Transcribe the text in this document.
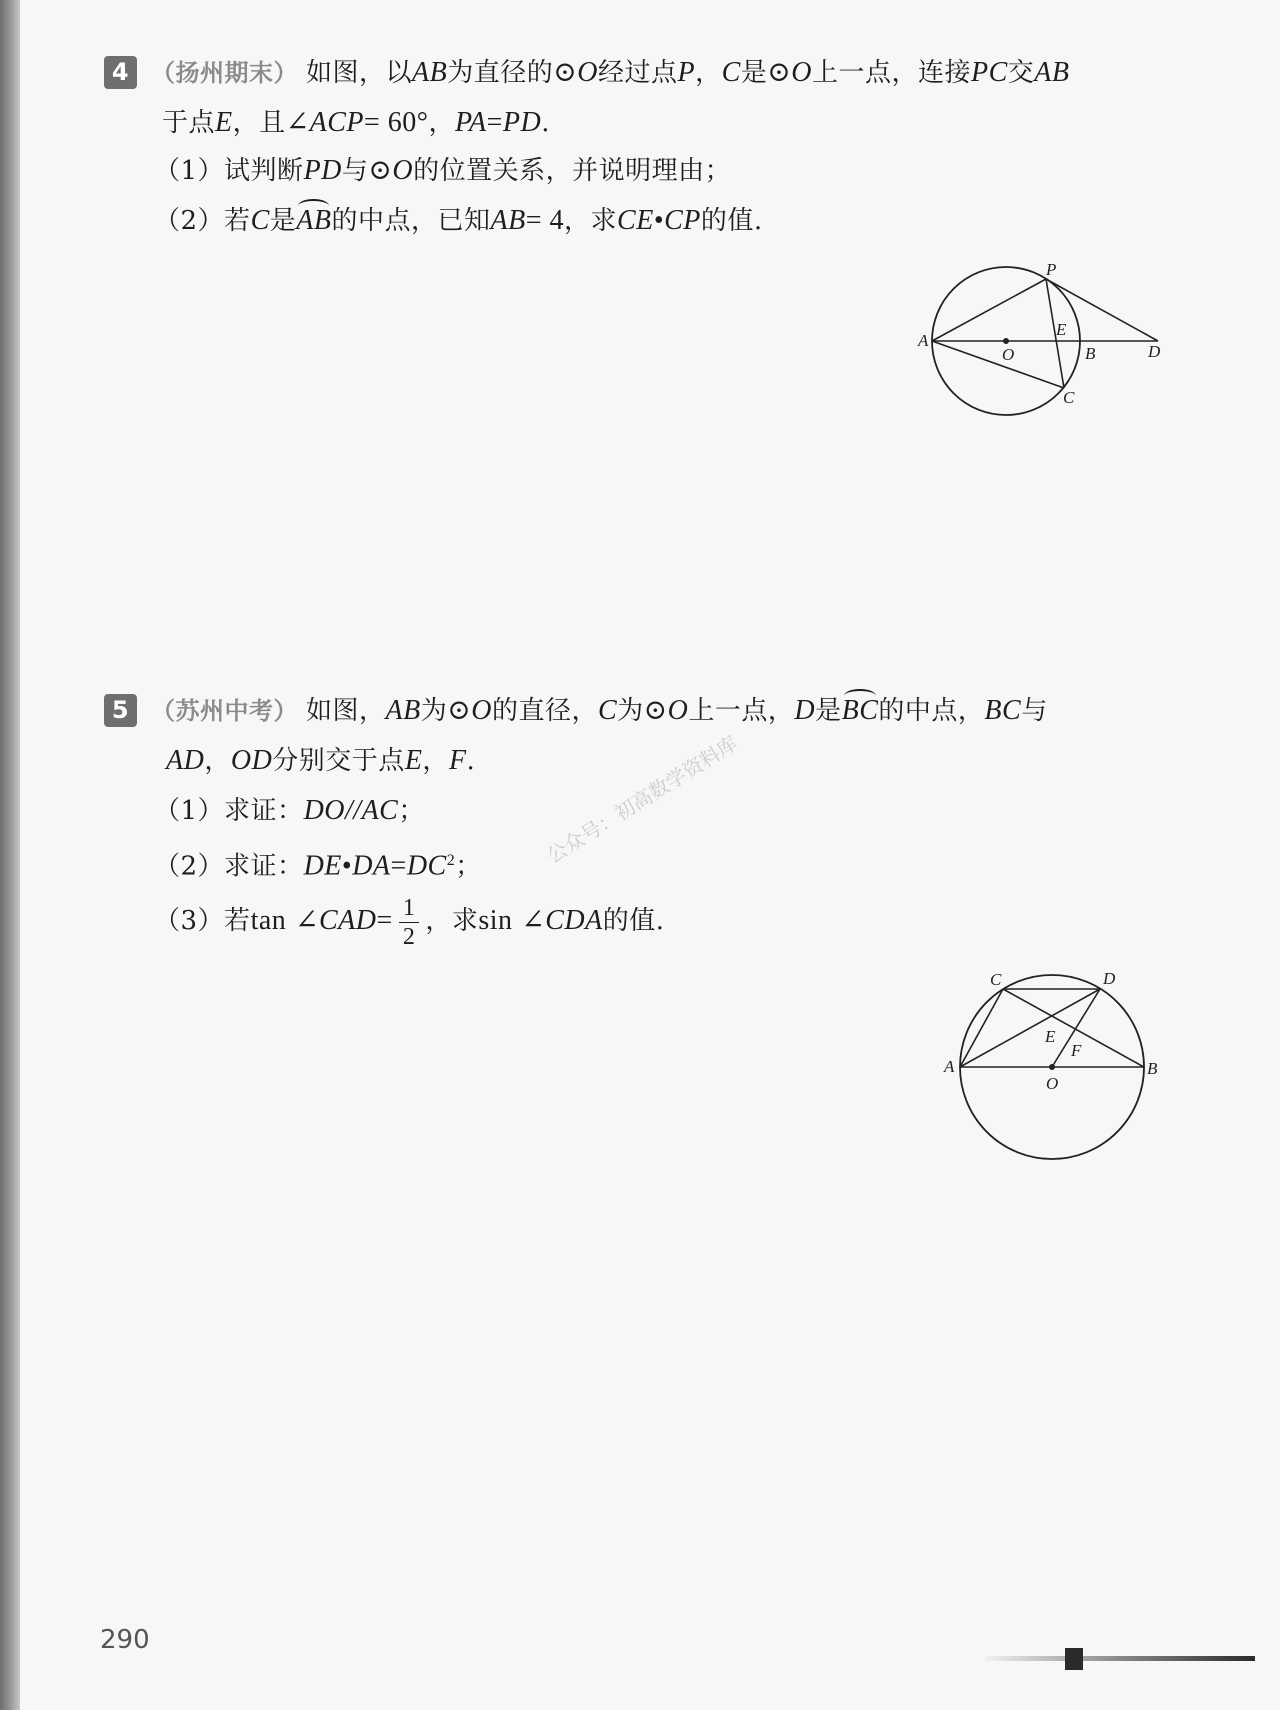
4 （扬州期末） 如图，以AB为直径的⊙O经过点P，C是⊙O上一点，连接PC交AB
于点E，且∠ACP= 60°，PA=PD.
（1）试判断PD与⊙O的位置关系，并说明理由；
（2）若C是AB的中点，已知AB= 4，求CE•CP的值.
P
A
O
E
B	D
C
5 （苏州中考） 如图，AB为⊙O的直径，C为⊙O上一点，D是BC的中点，BC与
AD，OD分别交于点E，F.
（1）求证：DO//AC；
（2）求证：$DE•DA=DC^2$；
（3）若tan ∠CAD= $\frac{1}{2}$ ，求sin ∠CDA的值.
公众号：初高数学资料库
C	D
E
F
A
O
B
290
